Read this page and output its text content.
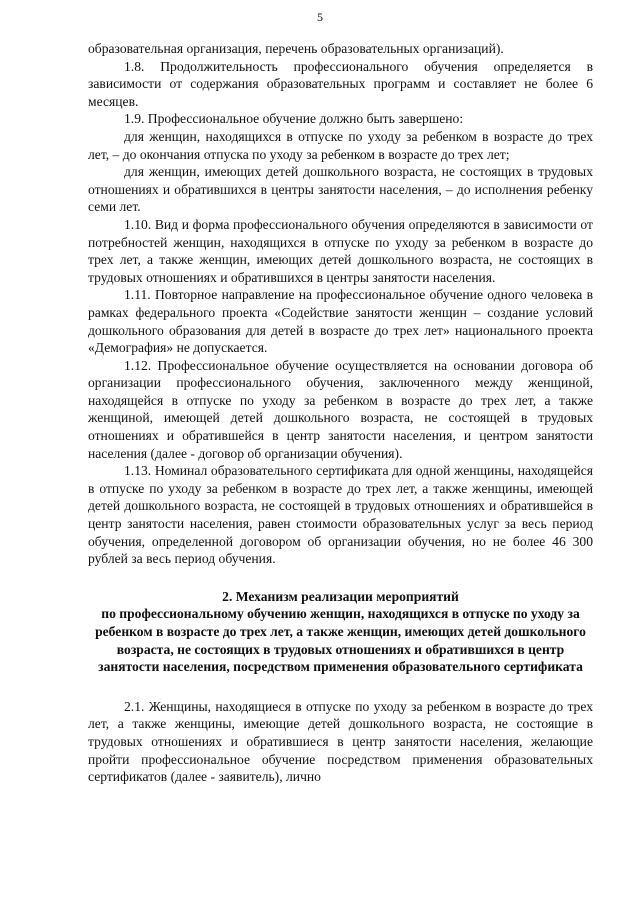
5

образовательная организация, перечень образовательных организаций).

1.8. Продолжительность профессионального обучения определяется в зависимости от содержания образовательных программ и составляет не более 6 месяцев.

1.9. Профессиональное обучение должно быть завершено:

для женщин, находящихся в отпуске по уходу за ребенком в возрасте до трех лет, – до окончания отпуска по уходу за ребенком в возрасте до трех лет;

для женщин, имеющих детей дошкольного возраста, не состоящих в трудовых отношениях и обратившихся в центры занятости населения, – до исполнения ребенку семи лет.

1.10. Вид и форма профессионального обучения определяются в зависимости от потребностей женщин, находящихся в отпуске по уходу за ребенком в возрасте до трех лет, а также женщин, имеющих детей дошкольного возраста, не состоящих в трудовых отношениях и обратившихся в центры занятости населения.

1.11. Повторное направление на профессиональное обучение одного человека в рамках федерального проекта «Содействие занятости женщин – создание условий дошкольного образования для детей в возрасте до трех лет» национального проекта «Демография» не допускается.

1.12. Профессиональное обучение осуществляется на основании договора об организации профессионального обучения, заключенного между женщиной, находящейся в отпуске по уходу за ребенком в возрасте до трех лет, а также женщиной, имеющей детей дошкольного возраста, не состоящей в трудовых отношениях и обратившейся в центр занятости населения, и центром занятости населения (далее - договор об организации обучения).

1.13. Номинал образовательного сертификата для одной женщины, находящейся в отпуске по уходу за ребенком в возрасте до трех лет, а также женщины, имеющей детей дошкольного возраста, не состоящей в трудовых отношениях и обратившейся в центр занятости населения, равен стоимости образовательных услуг за весь период обучения, определенной договором об организации обучения, но не более 46 300 рублей за весь период обучения.

2. Механизм реализации мероприятий
по профессиональному обучению женщин, находящихся в отпуске по уходу за ребенком в возрасте до трех лет, а также женщин, имеющих детей дошкольного возраста, не состоящих в трудовых отношениях и обратившихся в центр занятости населения, посредством применения образовательного сертификата

2.1. Женщины, находящиеся в отпуске по уходу за ребенком в возрасте до трех лет, а также женщины, имеющие детей дошкольного возраста, не состоящие в трудовых отношениях и обратившиеся в центр занятости населения, желающие пройти профессиональное обучение посредством применения образовательных сертификатов (далее - заявитель), лично
